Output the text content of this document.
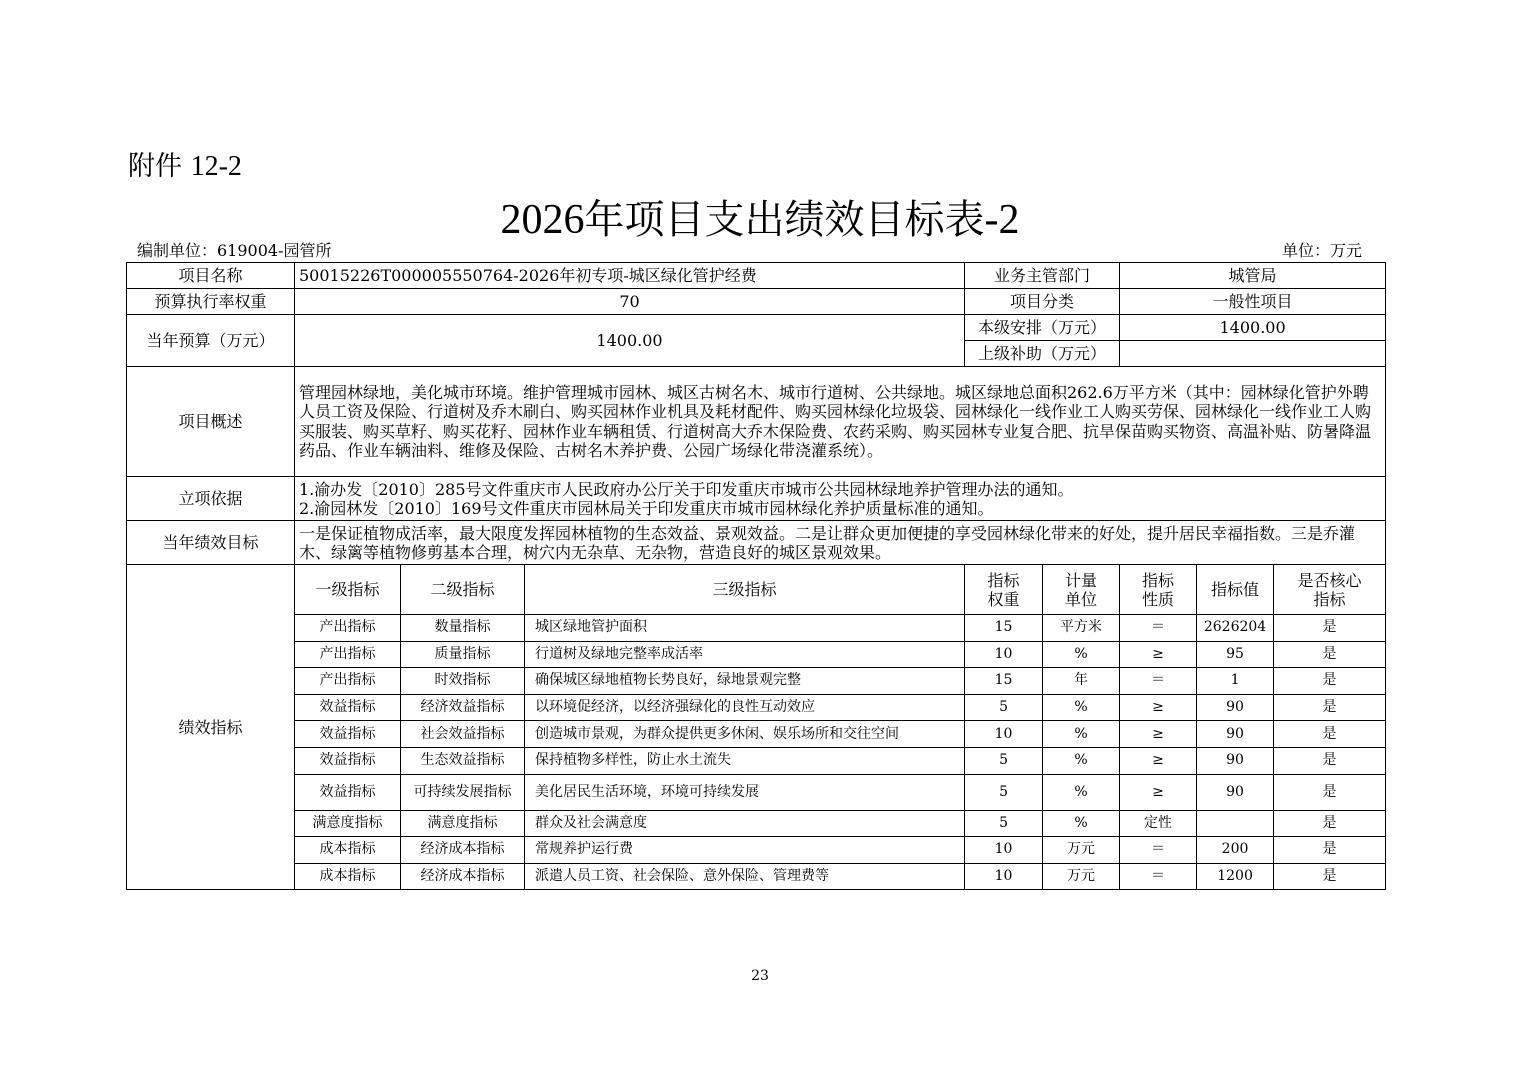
附件 12-2
2026年项目支出绩效目标表-2
编制单位：619004-园管所	单位：万元
项目名称	50015226T000005550764-2026年初专项-城区绿化管护经费			业务主管部门		城管局		
预算执行率权重	70			项目分类		一般性项目		
当年预算（万元）	1400.00			本级安排（万元）		1400.00		
				上级补助（万元）				
项目概述	管理园林绿地，美化城市环境。维护管理城市园林、城区古树名木、城市行道树、公共绿地。城区绿地总面积262.6万平方米（其中：园林绿化管护外聘人员工资及保险、行道树及乔木刷白、购买园林作业机具及耗材配件、购买园林绿化垃圾袋、园林绿化一线作业工人购买劳保、园林绿化一线作业工人购买服装、购买草籽、购买花籽、园林作业车辆租赁、行道树高大乔木保险费、农药采购、购买园林专业复合肥、抗旱保苗购买物资、高温补贴、防暑降温药品、作业车辆油料、维修及保险、古树名木养护费、公园广场绿化带浇灌系统）。							
立项依据	1.渝办发〔2010〕285号文件重庆市人民政府办公厅关于印发重庆市城市公共园林绿地养护管理办法的通知。
2.渝园林发〔2010〕169号文件重庆市园林局关于印发重庆市城市园林绿化养护质量标准的通知。							

当年绩效目标	一是保证植物成活率，最大限度发挥园林植物的生态效益、景观效益。二是让群众更加便捷的享受园林绿化带来的好处，提升居民幸福指数。三是乔灌木、绿篱等植物修剪基本合理，树穴内无杂草、无杂物，营造良好的城区景观效果。							
绩效指标	一级指标	二级指标	三级指标	指标权重	计量单位	指标性质	指标值	是否核心指标
	产出指标	数量指标	城区绿地管护面积	15	平方米	＝	2626204	是
	产出指标	质量指标	行道树及绿地完整率成活率	10	%	≥	95	是
	产出指标	时效指标	确保城区绿地植物长势良好，绿地景观完整	15	年	＝	1	是
	效益指标	经济效益指标	以环境促经济，以经济强绿化的良性互动效应	5	%	≥	90	是
	效益指标	社会效益指标	创造城市景观，为群众提供更多休闲、娱乐场所和交往空间	10	%	≥	90	是
	效益指标	生态效益指标	保持植物多样性，防止水土流失	5	%	≥	90	是
	效益指标	可持续发展指标	美化居民生活环境，环境可持续发展	5	%	≥	90	是
	满意度指标	满意度指标	群众及社会满意度	5	%	定性		是
	成本指标	经济成本指标	常规养护运行费	10	万元	＝	200	是
	成本指标	经济成本指标	派遣人员工资、社会保险、意外保险、管理费等	10	万元	＝	1200	是
23
